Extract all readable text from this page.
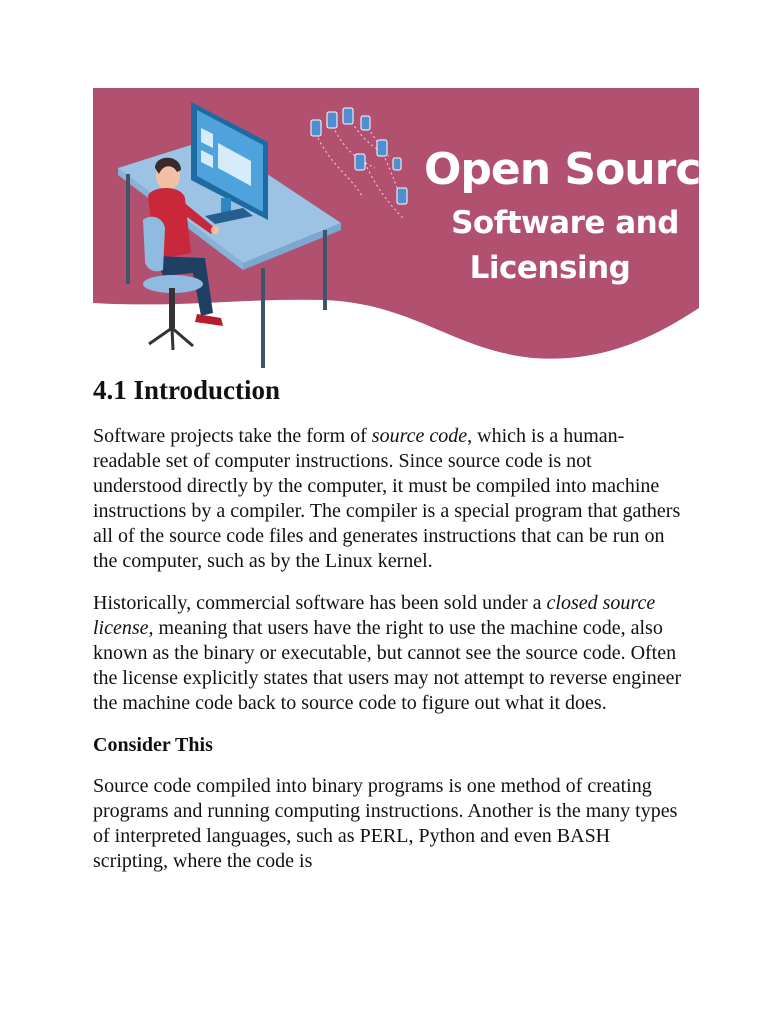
Open Source
Software and
Licensing
4.1 Introduction

Software projects take the form of source code, which is a human-readable set of computer instructions. Since source code is not understood directly by the computer, it must be compiled into machine instructions by a compiler. The compiler is a special program that gathers all of the source code files and generates instructions that can be run on the computer, such as by the Linux kernel.

Historically, commercial software has been sold under a closed source license, meaning that users have the right to use the machine code, also known as the binary or executable, but cannot see the source code. Often the license explicitly states that users may not attempt to reverse engineer the machine code back to source code to figure out what it does.

Consider This

Source code compiled into binary programs is one method of creating programs and running computing instructions. Another is the many types of interpreted languages, such as PERL, Python and even BASH scripting, where the code is
